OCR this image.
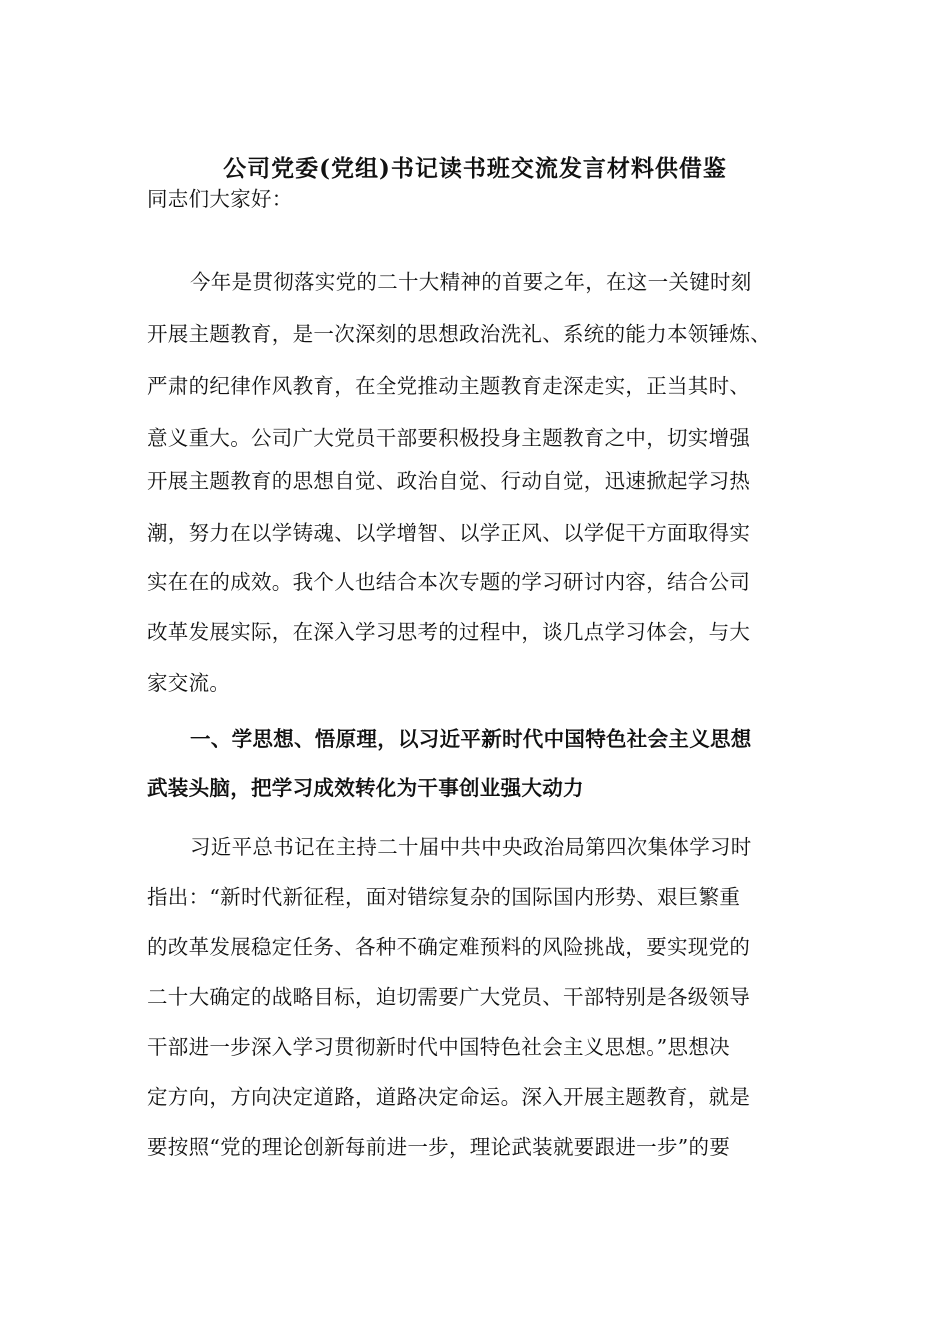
公司党委(党组)书记读书班交流发言材料供借鉴
同志们大家好：
今年是贯彻落实党的二十大精神的首要之年，在这一关键时刻
开展主题教育，是一次深刻的思想政治洗礼、系统的能力本领锤炼、
严肃的纪律作风教育，在全党推动主题教育走深走实，正当其时、
意义重大。公司广大党员干部要积极投身主题教育之中，切实增强
开展主题教育的思想自觉、政治自觉、行动自觉，迅速掀起学习热
潮，努力在以学铸魂、以学增智、以学正风、以学促干方面取得实
实在在的成效。我个人也结合本次专题的学习研讨内容，结合公司
改革发展实际，在深入学习思考的过程中，谈几点学习体会，与大
家交流。
一、学思想、悟原理，以习近平新时代中国特色社会主义思想
武装头脑，把学习成效转化为干事创业强大动力
习近平总书记在主持二十届中共中央政治局第四次集体学习时
指出：“新时代新征程，面对错综复杂的国际国内形势、艰巨繁重
的改革发展稳定任务、各种不确定难预料的风险挑战，要实现党的
二十大确定的战略目标，迫切需要广大党员、干部特别是各级领导
干部进一步深入学习贯彻新时代中国特色社会主义思想。”思想决
定方向，方向决定道路，道路决定命运。深入开展主题教育，就是
要按照“党的理论创新每前进一步，理论武装就要跟进一步”的要
